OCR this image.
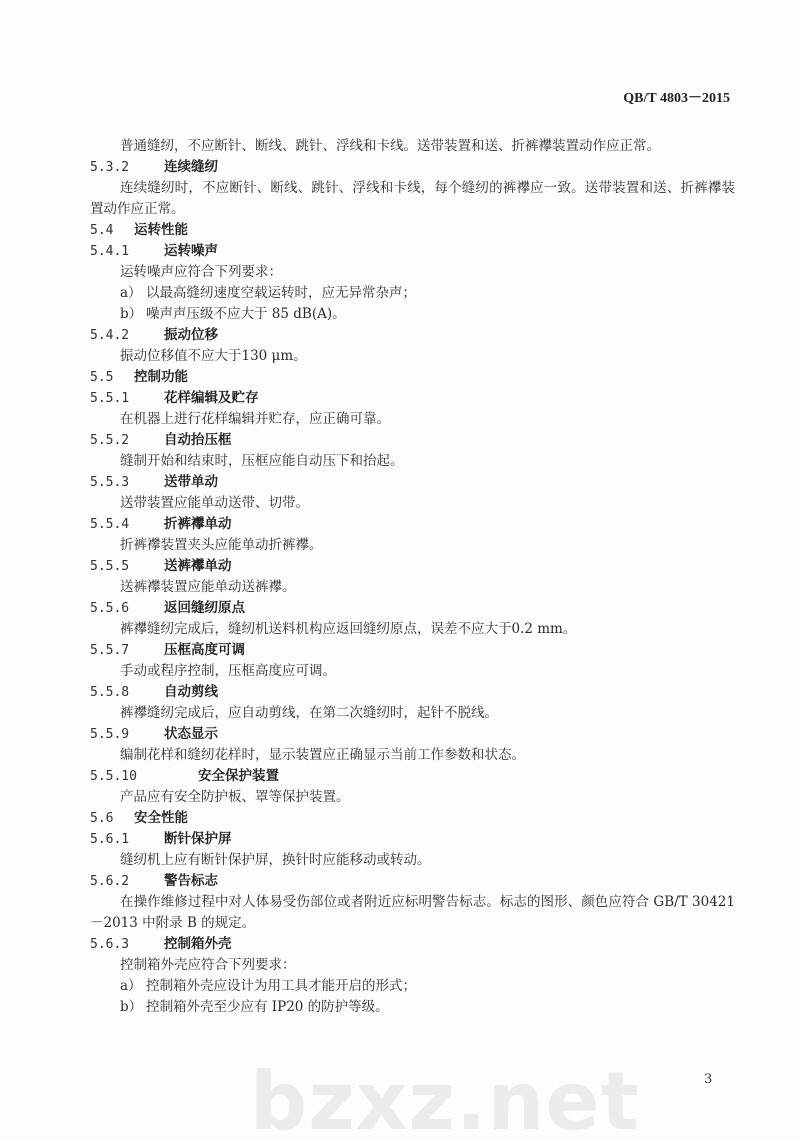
QB/T 4803－2015
普通缝纫，不应断针、断线、跳针、浮线和卡线。送带装置和送、折裤襻装置动作应正常。
5.3.2	连续缝纫
连续缝纫时，不应断针、断线、跳针、浮线和卡线，每个缝纫的裤襻应一致。送带装置和送、折裤襻装置动作应正常。
5.4 运转性能
5.4.1	运转噪声
运转噪声应符合下列要求：
a） 以最高缝纫速度空载运转时，应无异常杂声；
b） 噪声声压级不应大于 85 dB(A)。
5.4.2	振动位移
振动位移值不应大于130 μm。
5.5 控制功能
5.5.1	花样编辑及贮存
在机器上进行花样编辑并贮存，应正确可靠。
5.5.2	自动抬压框
缝制开始和结束时，压框应能自动压下和抬起。
5.5.3	送带单动
送带装置应能单动送带、切带。
5.5.4	折裤襻单动
折裤襻装置夹头应能单动折裤襻。
5.5.5	送裤襻单动
送裤襻装置应能单动送裤襻。
5.5.6	返回缝纫原点
裤襻缝纫完成后，缝纫机送料机构应返回缝纫原点，误差不应大于0.2 mm。
5.5.7	压框高度可调
手动或程序控制，压框高度应可调。
5.5.8	自动剪线
裤襻缝纫完成后，应自动剪线，在第二次缝纫时，起针不脱线。
5.5.9	状态显示
编制花样和缝纫花样时，显示装置应正确显示当前工作参数和状态。
5.5.10	安全保护装置
产品应有安全防护板、罩等保护装置。
5.6 安全性能
5.6.1	断针保护屏
缝纫机上应有断针保护屏，换针时应能移动或转动。
5.6.2	警告标志
在操作维修过程中对人体易受伤部位或者附近应标明警告标志。标志的图形、颜色应符合 GB/T 30421－2013 中附录 B 的规定。
5.6.3	控制箱外壳
控制箱外壳应符合下列要求：
a） 控制箱外壳应设计为用工具才能开启的形式；
b） 控制箱外壳至少应有 IP20 的防护等级。
bzxz.net	3
